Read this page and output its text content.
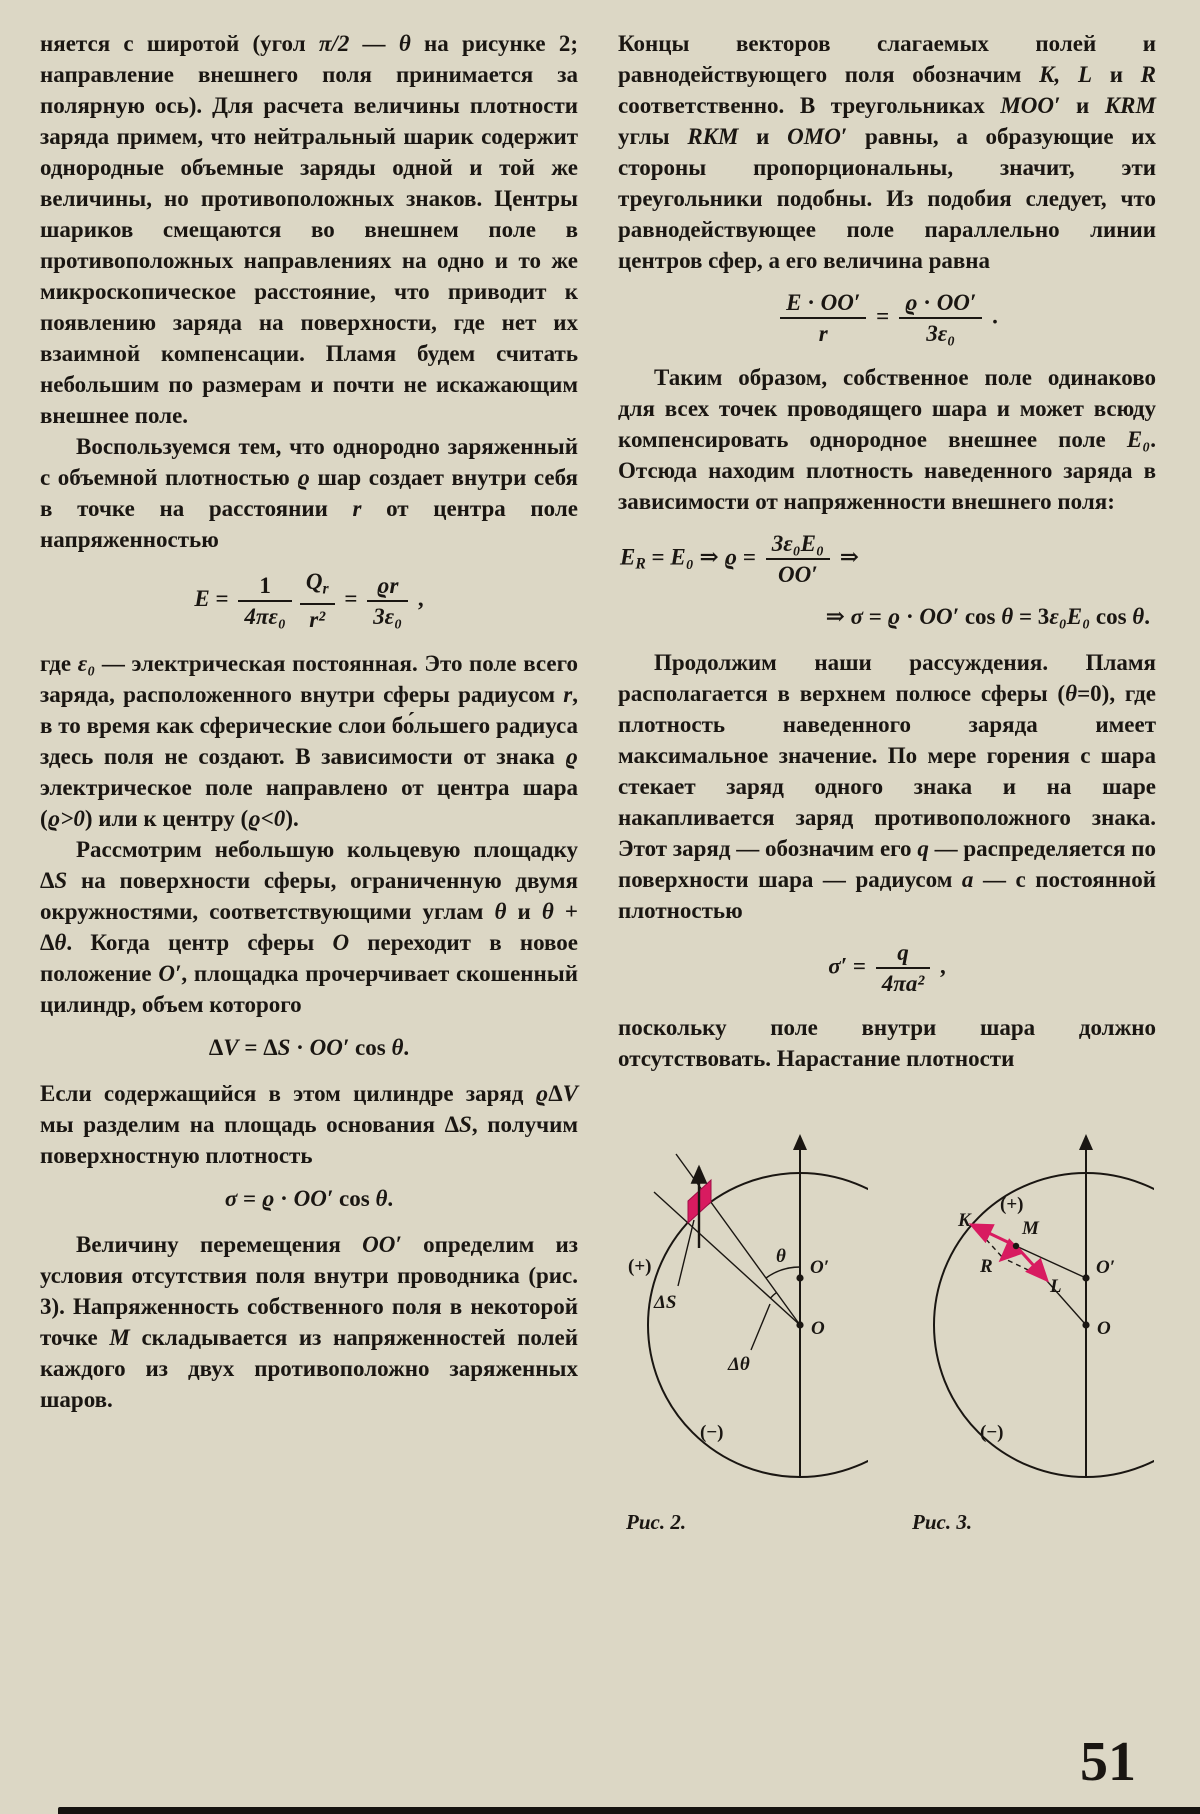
няется с широтой (угол π/2 — θ на рисунке 2; направление внешнего поля принимается за полярную ось). Для расчета величины плотности заряда примем, что нейтральный шарик содержит однородные объемные заряды одной и той же величины, но противоположных знаков. Центры шариков смещаются во внешнем поле в противоположных направлениях на одно и то же микроскопическое расстояние, что приводит к появлению заряда на поверхности, где нет их взаимной компенсации. Пламя будем считать небольшим по размерам и почти не искажающим внешнее поле.

Воспользуемся тем, что однородно заряженный с объемной плотностью ϱ шар создает внутри себя в точке на расстоянии r от центра поле напряженностью

$E = \frac{1}{\text{4πε₀}} \frac{Qr}{\text{r²}} = \frac{ϱr}{\text{3ε₀}}$ ,

где ε₀ — электрическая постоянная. Это поле всего заряда, расположенного внутри сферы радиусом r, в то время как сферические слои бо́льшего радиуса здесь поля не создают. В зависимости от знака ϱ электрическое поле направлено от центра шара (ϱ>0) или к центру (ϱ<0).

Рассмотрим небольшую кольцевую площадку ΔS на поверхности сферы, ограниченную двумя окружностями, соответствующими углам θ и θ + Δθ. Когда центр сферы O переходит в новое положение O′, площадка прочерчивает скошенный цилиндр, объем которого

ΔV = ΔS · OO′ cos θ.

Если содержащийся в этом цилиндре заряд ϱΔV мы разделим на площадь основания ΔS, получим поверхностную плотность

σ = ϱ · OO′ cos θ.

Величину перемещения OO′ определим из условия отсутствия поля внутри проводника (рис. 3). Напряженность собственного поля в некоторой точке M складывается из напряженностей полей каждого из двух противоположно заряженных шаров.

Концы векторов слагаемых полей и равнодействующего поля обозначим K, L и R соответственно. В треугольниках MOO′ и KRM углы RKM и OMO′ равны, а образующие их стороны пропорциональны, значит, эти треугольники подобны. Из подобия следует, что равнодействующее поле параллельно линии центров сфер, а его величина равна

$\frac{E \cdot OO'}{r} = \frac{ϱ \cdot OO'}{\text{3ε₀}}$ .

Таким образом, собственное поле одинаково для всех точек проводящего шара и может всюду компенсировать однородное внешнее поле E₀. Отсюда находим плотность наведенного заряда в зависимости от напряженности внешнего поля:

ER = E₀ ⇒ $ϱ = \frac{\text{3ε₀E₀}}{OO'}$ ⇒
⇒ σ = ϱ · OO′ cos θ = 3ε₀E₀ cos θ.

Продолжим наши рассуждения. Пламя располагается в верхнем полюсе сферы (θ=0), где плотность наведенного заряда имеет максимальное значение. По мере горения с шара стекает заряд одного знака и на шаре накапливается заряд противоположного знака. Этот заряд — обозначим его q — распределяется по поверхности шара — радиусом a — с постоянной плотностью

$\sigma' = \frac{q}{\text{4πa²}}$ ,

поскольку поле внутри шара должно отсутствовать. Нарастание плотности

(+)
ΔS
θ
O′
O
Δθ
(−)
Рис. 2.
(+)
K	M
R
L
O′
O
(−)
Рис. 3.
51
